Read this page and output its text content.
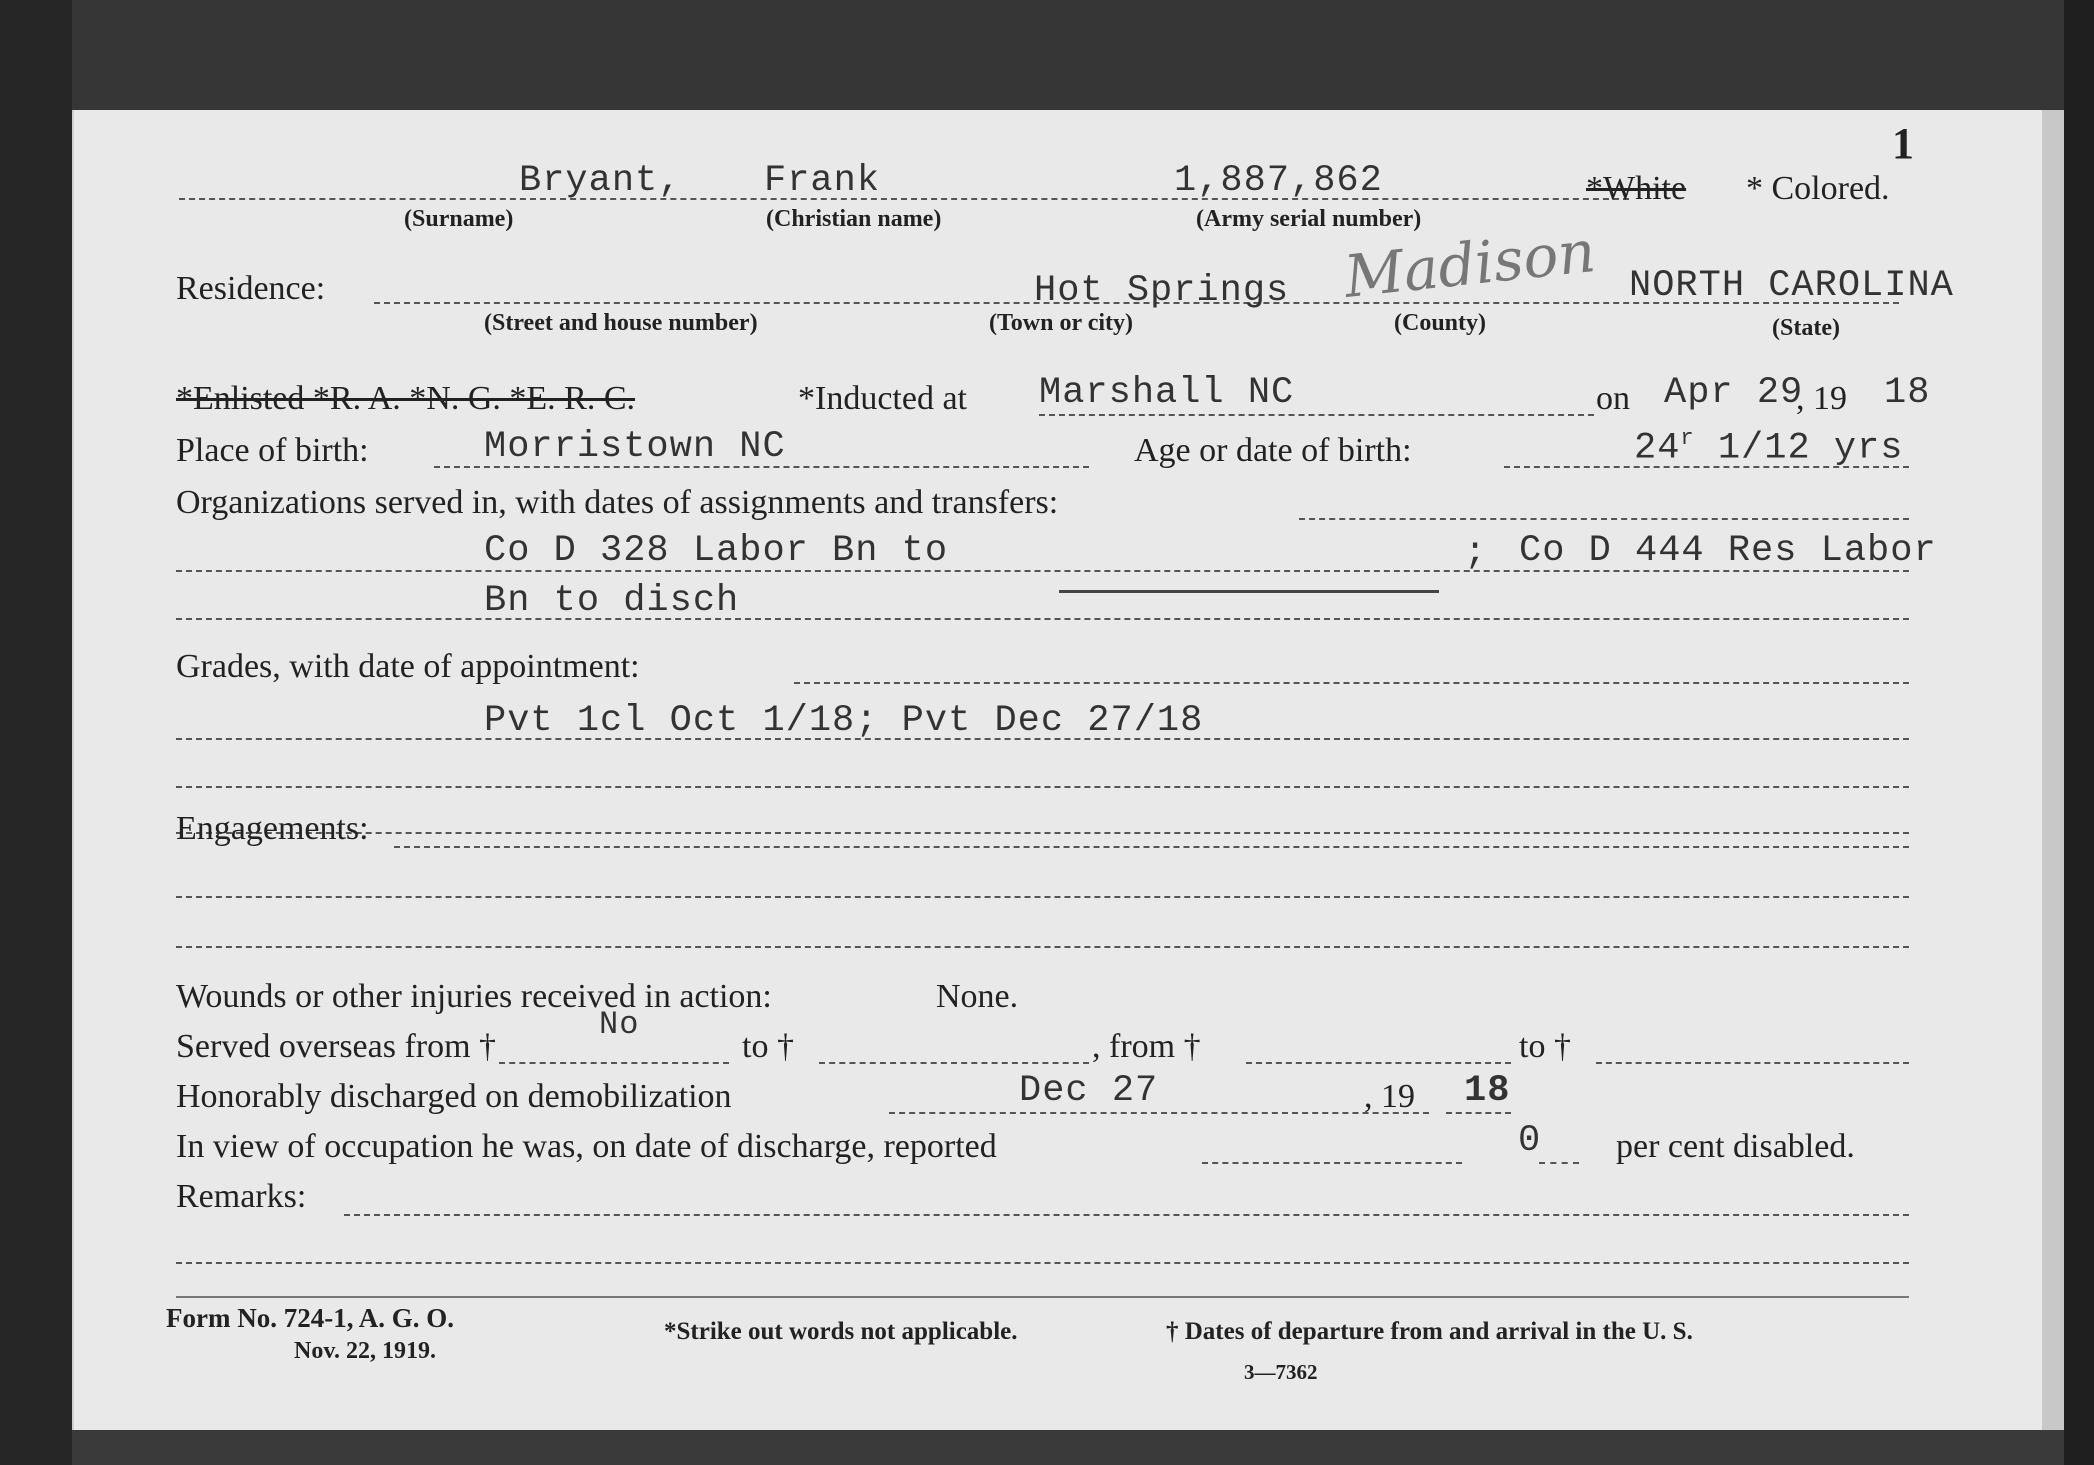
1
Bryant, Frank	1,887,862	*White * Colored.
(Surname)	(Christian name)	(Army serial number)
Residence:	Hot Springs Madison NORTH CAROLINA
(Street and house number)	(Town or city)	(County)	(State)
*Enlisted *R. A. *N. G. *E. R. C.	*Inducted at Marshall NC	on Apr 29
, 19 18
Place of birth:	Morristown NC	Age or date of birth:	24$^r$ 1/12 yrs
Organizations served in, with dates of assignments and transfers:
Co D 328 Labor Bn to	; Co D 444 Res Labor
Bn to disch
Grades, with date of appointment:
Pvt 1cl Oct 1/18; Pvt Dec 27/18
Engagements:
Wounds or other injuries received in action:	None.
Served overseas from †
No
to †	, from †	to †
Honorably discharged on demobilization	Dec 27	, 19 18
In view of occupation he was, on date of discharge, reported	0 per cent disabled.
Remarks:
Form No. 724-1, A. G. O.
Nov. 22, 1919.
*Strike out words not applicable.	† Dates of departure from and arrival in the U. S.
3—7362
